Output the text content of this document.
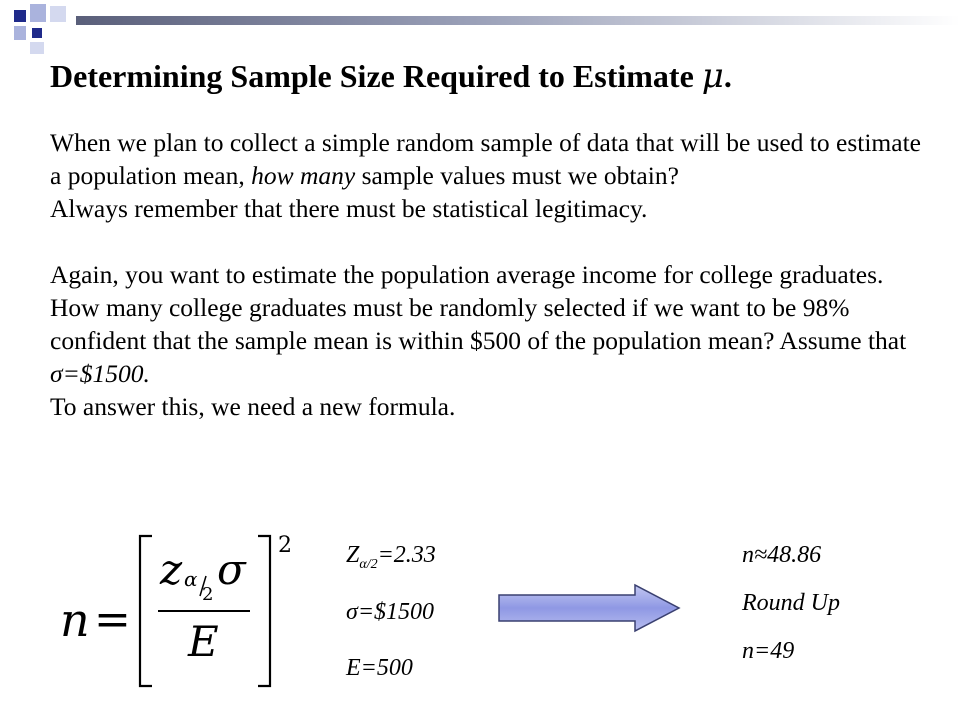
Determining Sample Size Required to Estimate μ.

When we plan to collect a simple random sample of data that will be used to estimate a population mean, how many sample values must we obtain?

Always remember that there must be statistical legitimacy.

Again, you want to estimate the population average income for college graduates. How many college graduates must be randomly selected if we want to be 98% confident that the sample mean is within $500 of the population mean? Assume that σ=$1500.

To answer this, we need a new formula.

n =
2
z α
2
σ
E
$Z_{\alpha/2}=2.33$
σ=$1500
E=500
n≈48.86
Round Up
n=49
